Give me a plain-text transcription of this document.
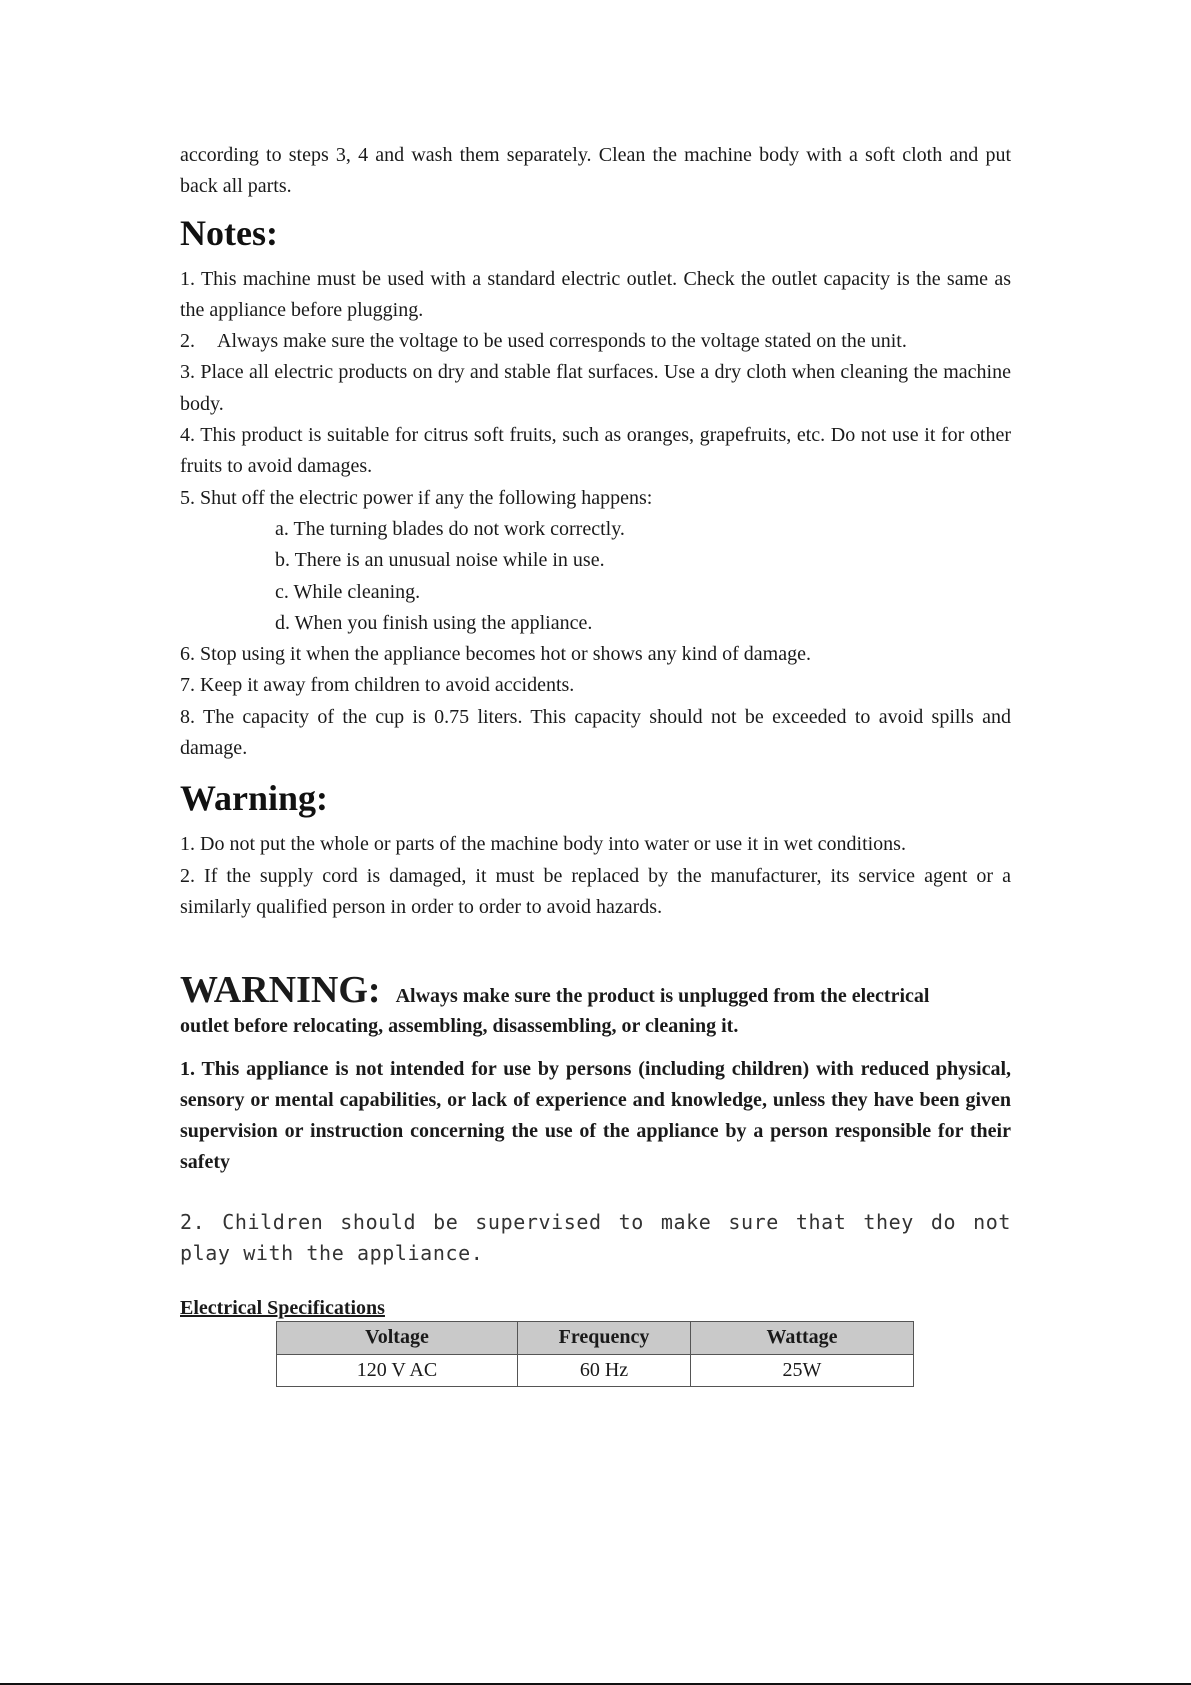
according to steps 3, 4 and wash them separately. Clean the machine body with a soft cloth and put back all parts.

Notes:

1. This machine must be used with a standard electric outlet. Check the outlet capacity is the same as the appliance before plugging.

2. Always make sure the voltage to be used corresponds to the voltage stated on the unit.

3. Place all electric products on dry and stable flat surfaces. Use a dry cloth when cleaning the machine body.

4. This product is suitable for citrus soft fruits, such as oranges, grapefruits, etc. Do not use it for other fruits to avoid damages.

5. Shut off the electric power if any the following happens:

a. The turning blades do not work correctly.

b. There is an unusual noise while in use.

c. While cleaning.

d. When you finish using the appliance.

6. Stop using it when the appliance becomes hot or shows any kind of damage.

7. Keep it away from children to avoid accidents.

8. The capacity of the cup is 0.75 liters. This capacity should not be exceeded to avoid spills and damage.

Warning:

1. Do not put the whole or parts of the machine body into water or use it in wet conditions.

2. If the supply cord is damaged, it must be replaced by the manufacturer, its service agent or a similarly qualified person in order to order to avoid hazards.

WARNING: Always make sure the product is unplugged from the electrical

outlet before relocating, assembling, disassembling, or cleaning it.

1. This appliance is not intended for use by persons (including children) with reduced physical, sensory or mental capabilities, or lack of experience and knowledge, unless they have been given supervision or instruction concerning the use of the appliance by a person responsible for their safety

2. Children should be supervised to make sure that they do not play with the appliance.

Electrical Specifications
Voltage	Frequency	Wattage
120 V AC	60 Hz	25W
